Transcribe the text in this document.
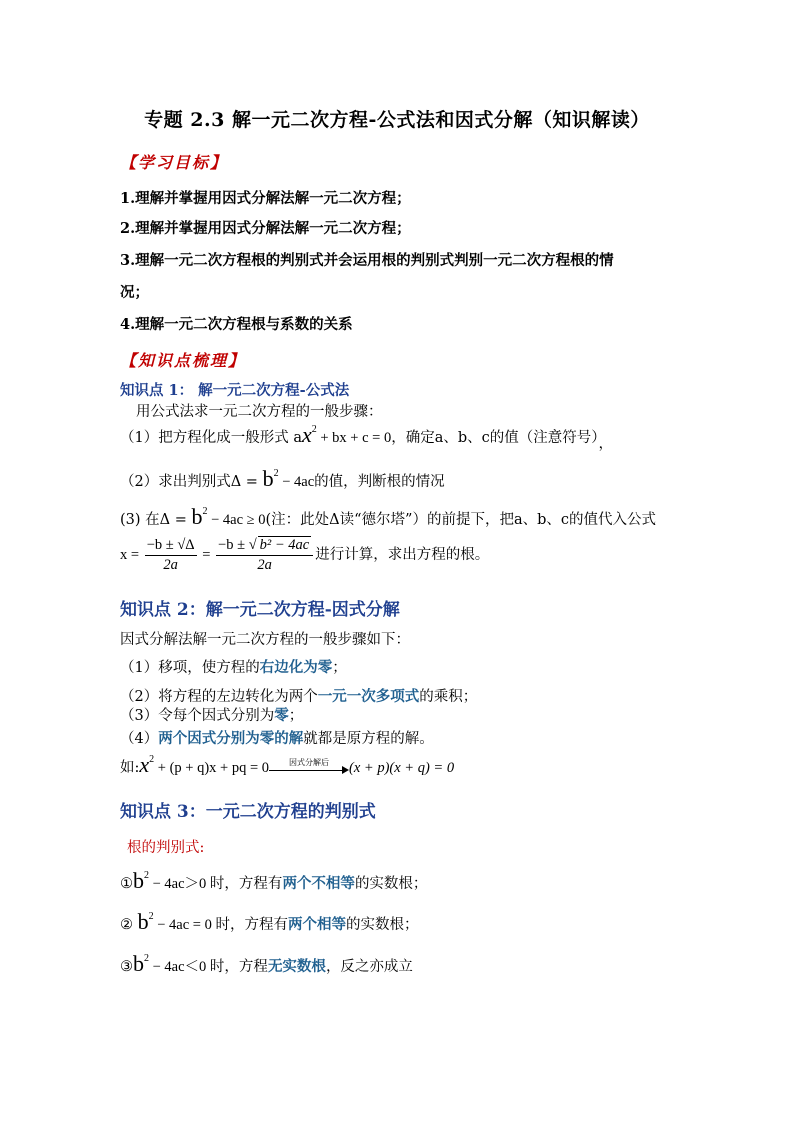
专题 2.3 解一元二次方程-公式法和因式分解（知识解读）
【学习目标】
1.理解并掌握用因式分解法解一元二次方程；
2.理解并掌握用因式分解法解一元二次方程；
3.理解一元二次方程根的判别式并会运用根的判别式判别一元二次方程根的情
况；
4.理解一元二次方程根与系数的关系
【知识点梳理】
知识点 1： 解一元二次方程-公式法
用公式法求一元二次方程的一般步骤：
（1）把方程化成一般形式 $ax^2$ + bx + c = 0，确定a、b、c的值（注意符号），
（2）求出判别式$\Delta = b^2 - 4ac$的值，判断根的情况
(3) 在$\Delta = b^2 - 4ac \ge 0$(注：此处Δ读“德尔塔”）的前提下，把a、b、c的值代入公式
$x = \frac{-b \pm √\Delta}{2a} = \frac{\text{−b ± √ b² − 4ac}}{2a}$ 进行计算，求出方程的根。
知识点 2：解一元二次方程-因式分解
因式分解法解一元二次方程的一般步骤如下：
（1）移项，使方程的右边化为零；
（2）将方程的左边转化为两个一元一次多项式的乘积；
（3）令每个因式分别为零；
（4）两个因式分别为零的解就都是原方程的解。
如$:x^2 + (p + q)x$ + pq = 0	因式分解后	(x + p)(x + q) = 0
知识点 3：一元二次方程的判别式
根的判别式:
$①b^2 - 4ac>0$ 时，方程有两个不相等的实数根；
② $b^2 - 4ac = 0$ 时，方程有两个相等的实数根；
$③b^2 - 4ac<0$ 时，方程无实数根，反之亦成立
